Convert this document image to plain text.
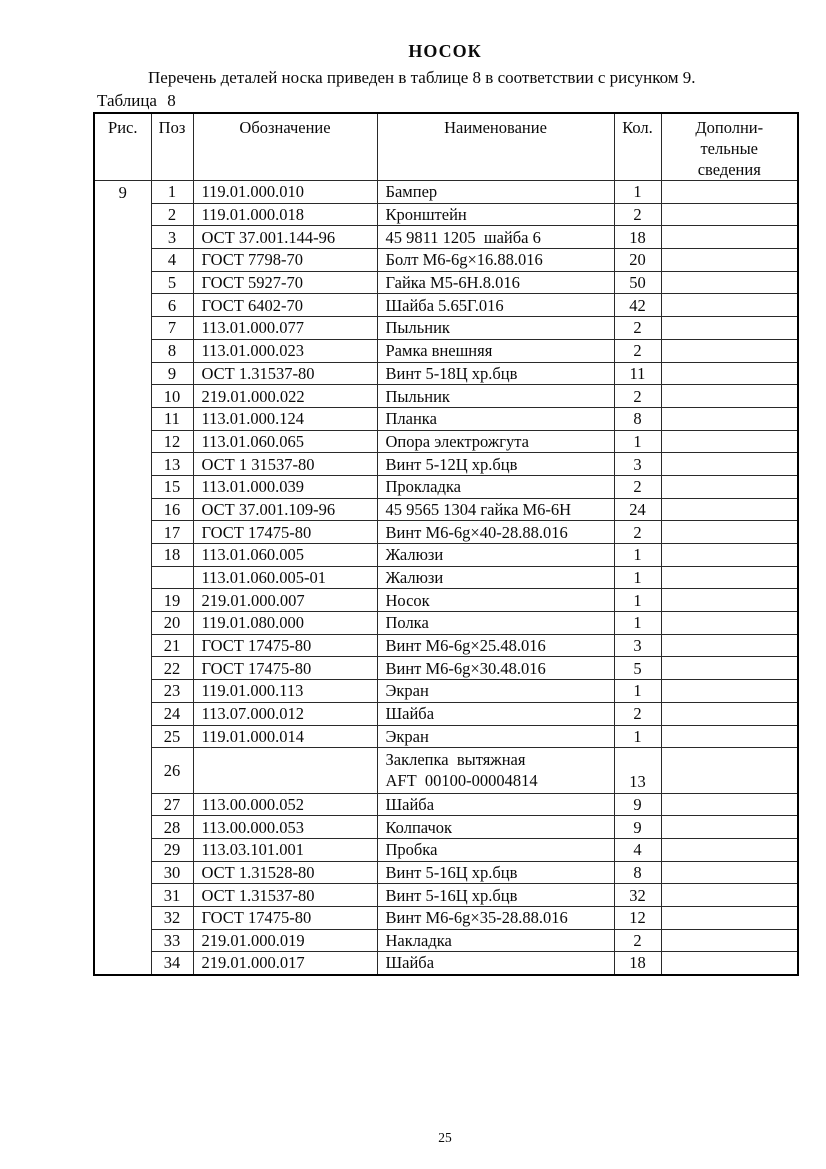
НОСОК

Перечень деталей носка приведен в таблице 8 в соответствии с рисунком 9.

Таблица 8
Рис.	Поз	Обозначение	Наименование	Кол.	Дополни-
тельные
сведения

9	1	119.01.000.010	Бампер	1	
	2	119.01.000.018	Кронштейн	2	
	3	ОСТ 37.001.144-96	45 9811 1205  шайба 6	18	
	4	ГОСТ 7798-70	Болт М6-6g×16.88.016	20	
	5	ГОСТ 5927-70	Гайка М5-6Н.8.016	50	
	6	ГОСТ 6402-70	Шайба 5.65Г.016	42	
	7	113.01.000.077	Пыльник	2	
	8	113.01.000.023	Рамка внешняя	2	
	9	ОСТ 1.31537-80	Винт 5-18Ц хр.бцв	11	
	10	219.01.000.022	Пыльник	2	
	11	113.01.000.124	Планка	8	
	12	113.01.060.065	Опора электрожгута	1	
	13	ОСТ 1 31537-80	Винт 5-12Ц хр.бцв	3	
	15	113.01.000.039	Прокладка	2	
	16	ОСТ 37.001.109-96	45 9565 1304 гайка М6-6Н	24	
	17	ГОСТ 17475-80	Винт М6-6g×40-28.88.016	2	
	18	113.01.060.005	Жалюзи	1	
		113.01.060.005-01	Жалюзи	1	
	19	219.01.000.007	Носок	1	
	20	119.01.080.000	Полка	1	
	21	ГОСТ 17475-80	Винт М6-6g×25.48.016	3	
	22	ГОСТ 17475-80	Винт М6-6g×30.48.016	5	
	23	119.01.000.113	Экран	1	
	24	113.07.000.012	Шайба	2	
	25	119.01.000.014	Экран	1	
	26		Заклепка  вытяжная
АFТ  00100-00004814	13	
	27	113.00.000.052	Шайба	9	
	28	113.00.000.053	Колпачок	9	
	29	113.03.101.001	Пробка	4	
	30	ОСТ 1.31528-80	Винт 5-16Ц хр.бцв	8	
	31	ОСТ 1.31537-80	Винт 5-16Ц хр.бцв	32	
	32	ГОСТ 17475-80	Винт М6-6g×35-28.88.016	12	
	33	219.01.000.019	Накладка	2	
	34	219.01.000.017	Шайба	18	
25
